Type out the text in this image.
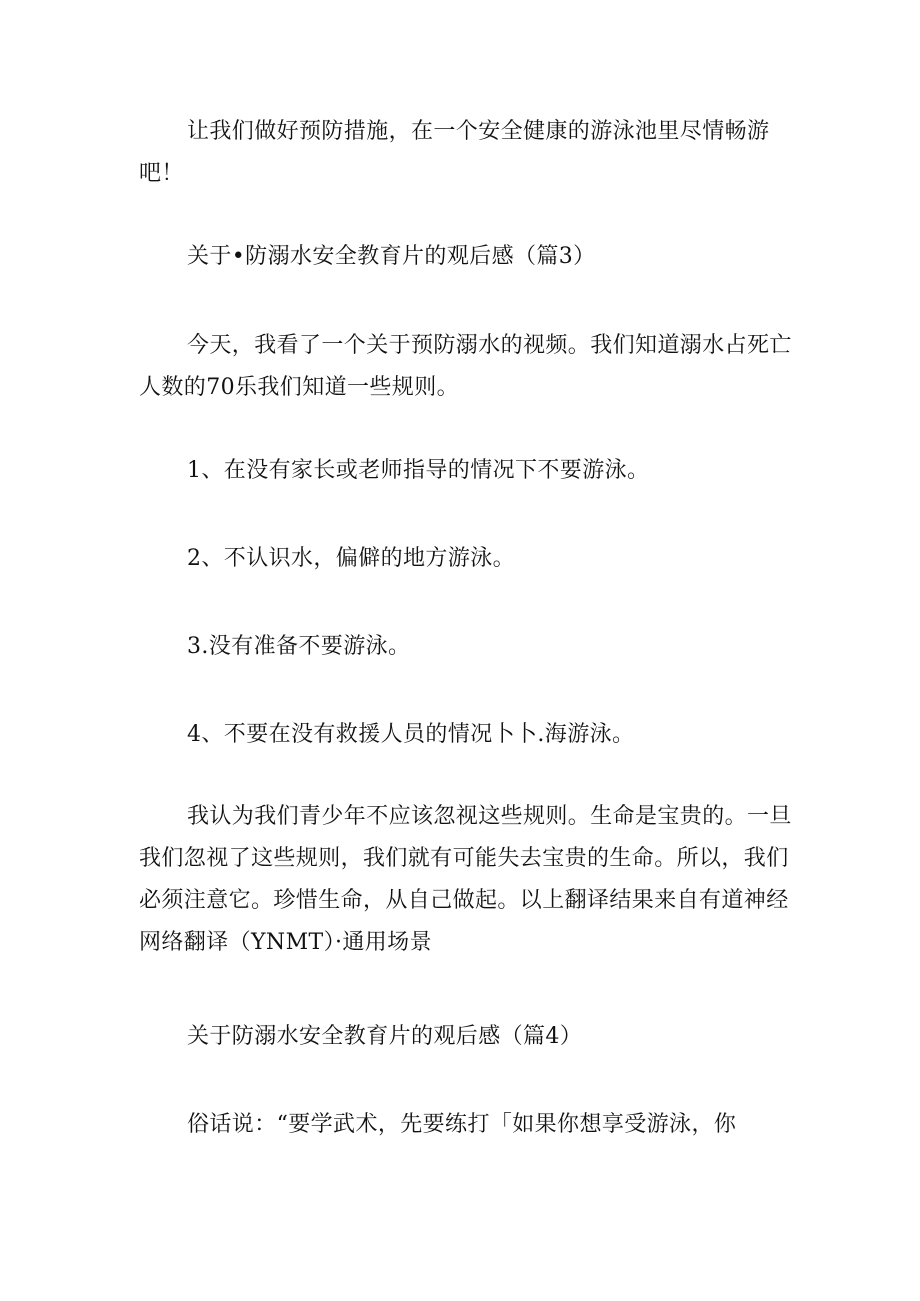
让我们做好预防措施，在一个安全健康的游泳池里尽情畅游吧！

关于•防溺水安全教育片的观后感（篇3）

今天，我看了一个关于预防溺水的视频。我们知道溺水占死亡人数的70乐我们知道一些规则。

1、在没有家长或老师指导的情况下不要游泳。

2、不认识水，偏僻的地方游泳。

3.没有准备不要游泳。

4、不要在没有救援人员的情况卜卜.海游泳。

我认为我们青少年不应该忽视这些规则。生命是宝贵的。一旦我们忽视了这些规则，我们就有可能失去宝贵的生命。所以，我们必须注意它。珍惜生命，从自己做起。以上翻译结果来自有道神经网络翻译（YNMT）·通用场景

关于防溺水安全教育片的观后感（篇4）

俗话说：“要学武术，先要练打「如果你想享受游泳，你
